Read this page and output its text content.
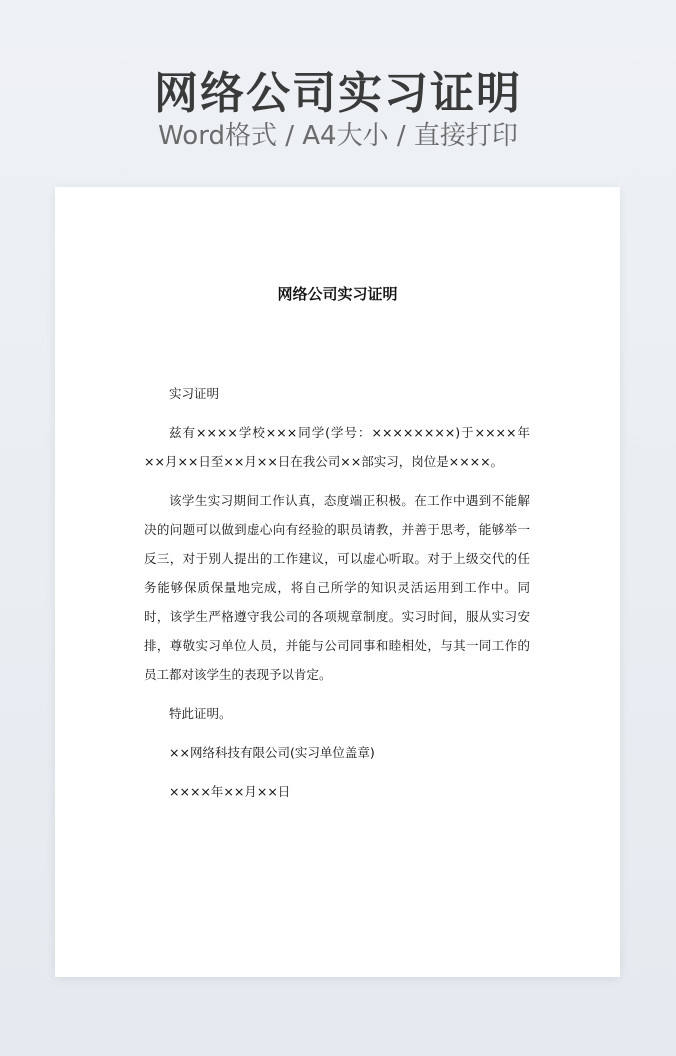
网络公司实习证明
Word格式 / A4大小 / 直接打印
网络公司实习证明

实习证明

兹有××××学校×××同学(学号：××××××××)于××××年××月××日至××月××日在我公司××部实习，岗位是××××。

该学生实习期间工作认真，态度端正积极。在工作中遇到不能解决的问题可以做到虚心向有经验的职员请教，并善于思考，能够举一反三，对于别人提出的工作建议，可以虚心听取。对于上级交代的任务能够保质保量地完成，将自己所学的知识灵活运用到工作中。同时，该学生严格遵守我公司的各项规章制度。实习时间，服从实习安排，尊敬实习单位人员，并能与公司同事和睦相处，与其一同工作的员工都对该学生的表现予以肯定。

特此证明。

××网络科技有限公司(实习单位盖章)

××××年××月××日
